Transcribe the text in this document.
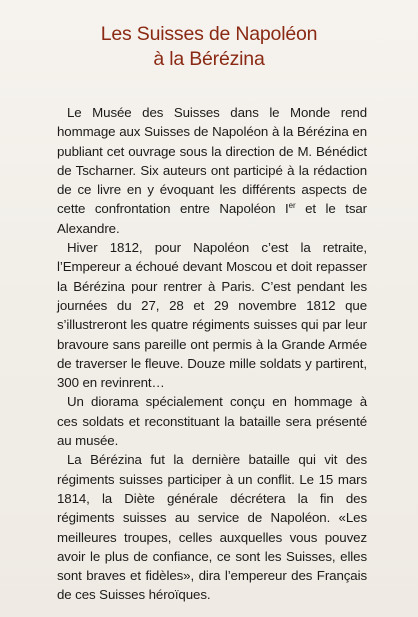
Les Suisses de Napoléon
à la Bérézina

Le Musée des Suisses dans le Monde rend hommage aux Suisses de Napoléon à la Bérézina en publiant cet ouvrage sous la direction de M. Bénédict de Tscharner. Six auteurs ont participé à la rédaction de ce livre en y évoquant les différents aspects de cette confrontation entre Napoléon Ier et le tsar Alexandre.

Hiver 1812, pour Napoléon c’est la retraite, l’Empereur a échoué devant Moscou et doit repasser la Bérézina pour rentrer à Paris. C’est pendant les journées du 27, 28 et 29 novembre 1812 que s’illustreront les quatre régiments suisses qui par leur bravoure sans pareille ont permis à la Grande Armée de traverser le fleuve. Douze mille soldats y partirent, 300 en revinrent…

Un diorama spécialement conçu en hommage à ces soldats et reconstituant la bataille sera présenté au musée.

La Bérézina fut la dernière bataille qui vit des régiments suisses participer à un conflit. Le 15 mars 1814, la Diète générale décrétera la fin des régiments suisses au service de Napoléon. «Les meilleures troupes, celles auxquelles vous pouvez avoir le plus de confiance, ce sont les Suisses, elles sont braves et fidèles», dira l’empereur des Français de ces Suisses héroïques.
